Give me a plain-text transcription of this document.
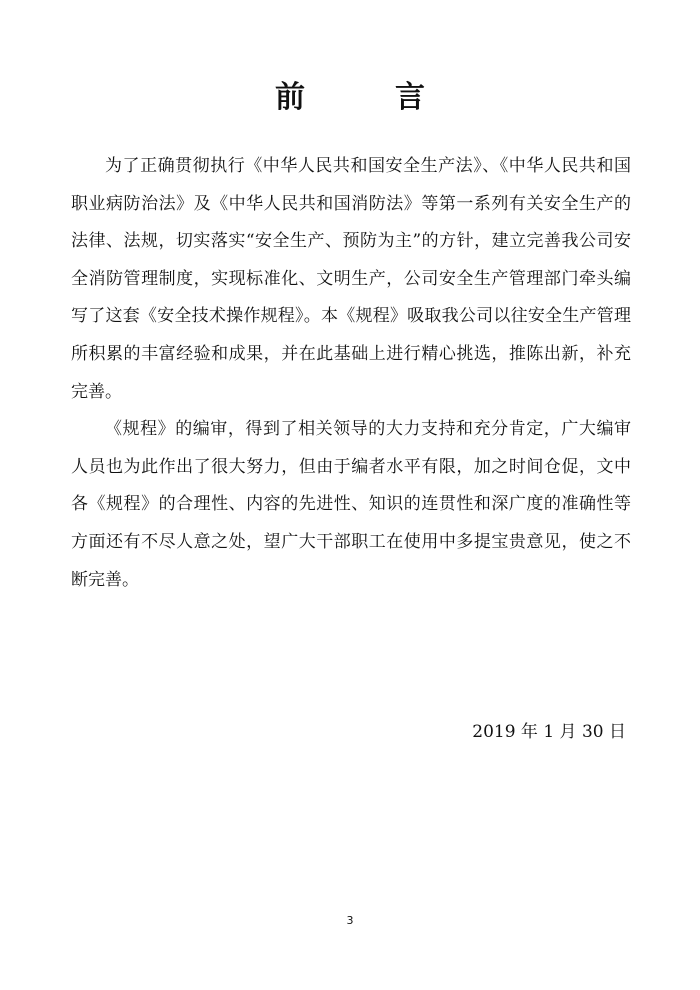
前　言

为了正确贯彻执行《中华人民共和国安全生产法》、《中华人民共和国职业病防治法》及《中华人民共和国消防法》等第一系列有关安全生产的法律、法规，切实落实“安全生产、预防为主”的方针，建立完善我公司安全消防管理制度，实现标准化、文明生产，公司安全生产管理部门牵头编写了这套《安全技术操作规程》。本《规程》吸取我公司以往安全生产管理所积累的丰富经验和成果，并在此基础上进行精心挑选，推陈出新，补充完善。

《规程》的编审，得到了相关领导的大力支持和充分肯定，广大编审人员也为此作出了很大努力，但由于编者水平有限，加之时间仓促，文中各《规程》的合理性、内容的先进性、知识的连贯性和深广度的准确性等方面还有不尽人意之处，望广大干部职工在使用中多提宝贵意见，使之不断完善。

2019 年 1 月 30 日
3
